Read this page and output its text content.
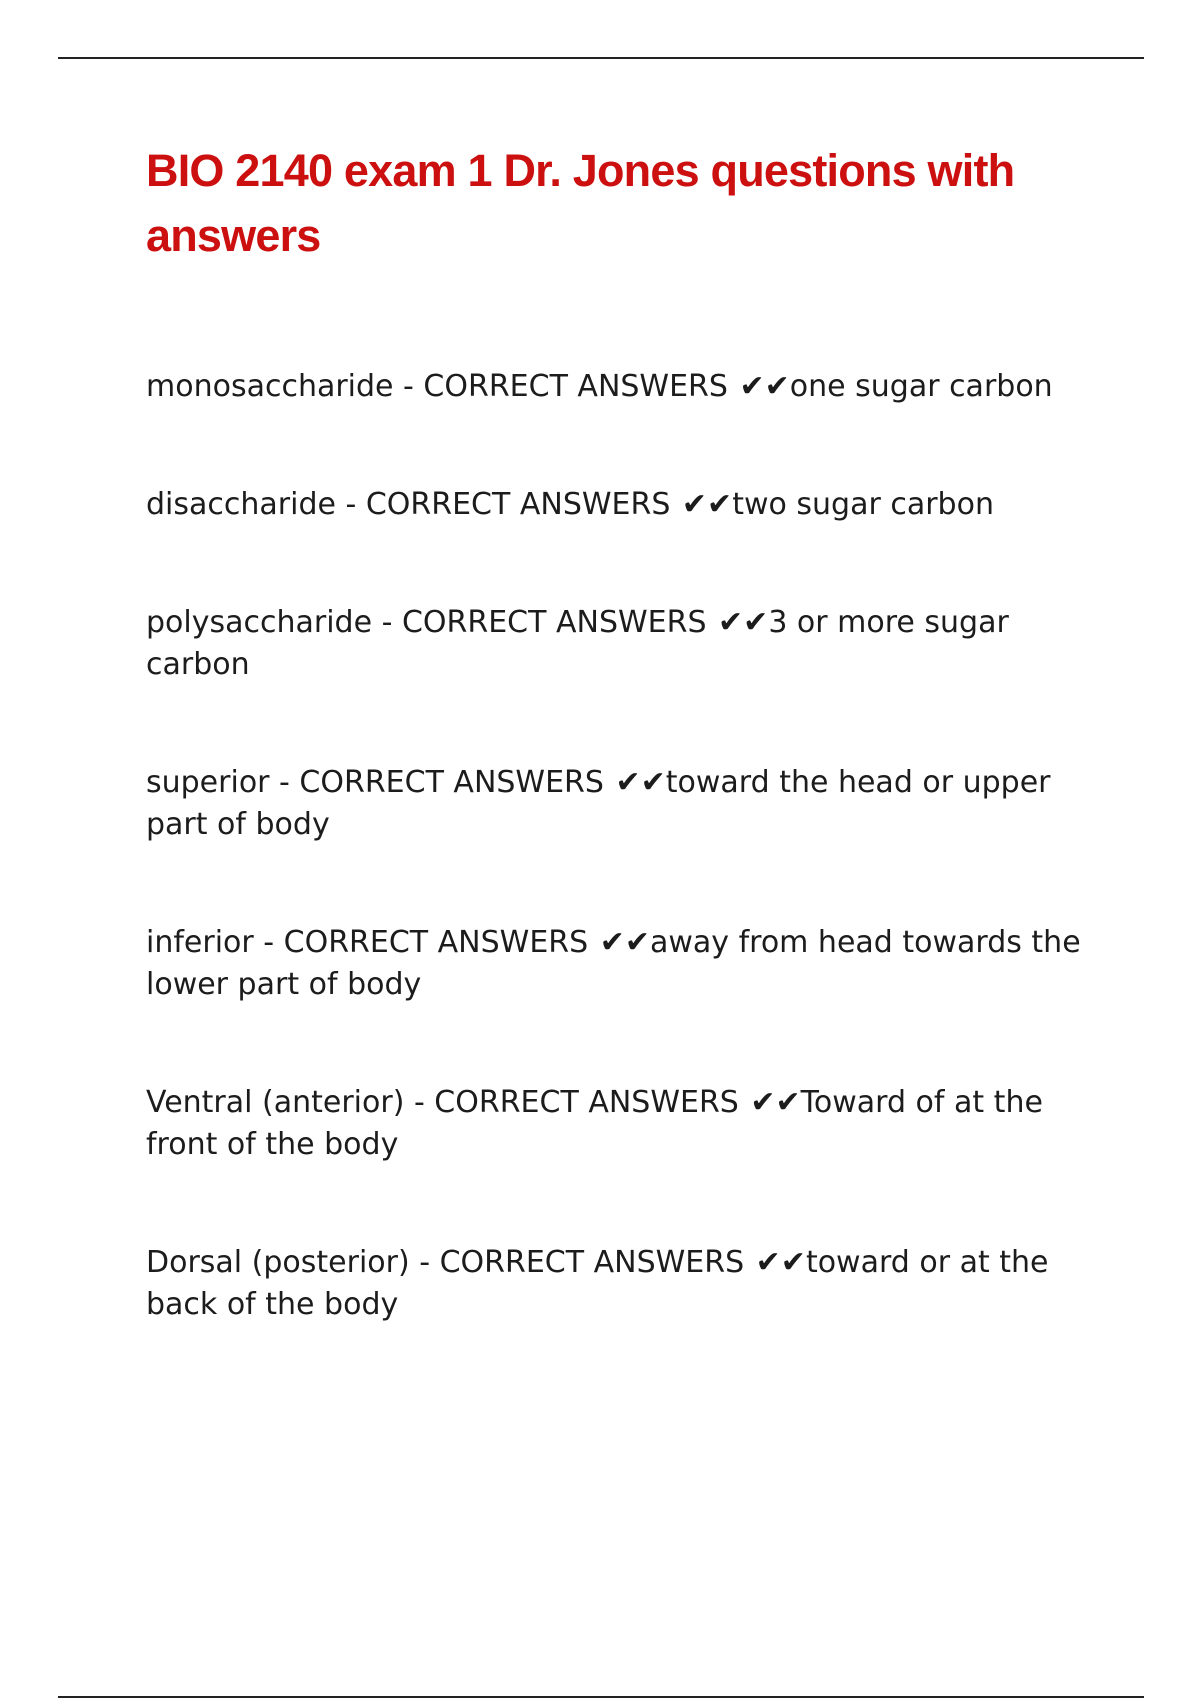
BIO 2140 exam 1 Dr. Jones questions with answers

monosaccharide - CORRECT ANSWERS ✔✔one sugar carbon

disaccharide - CORRECT ANSWERS ✔✔two sugar carbon

polysaccharide - CORRECT ANSWERS ✔✔3 or more sugar carbon

superior - CORRECT ANSWERS ✔✔toward the head or upper part of body

inferior - CORRECT ANSWERS ✔✔away from head towards the lower part of body

Ventral (anterior) - CORRECT ANSWERS ✔✔Toward of at the front of the body

Dorsal (posterior) - CORRECT ANSWERS ✔✔toward or at the back of the body
